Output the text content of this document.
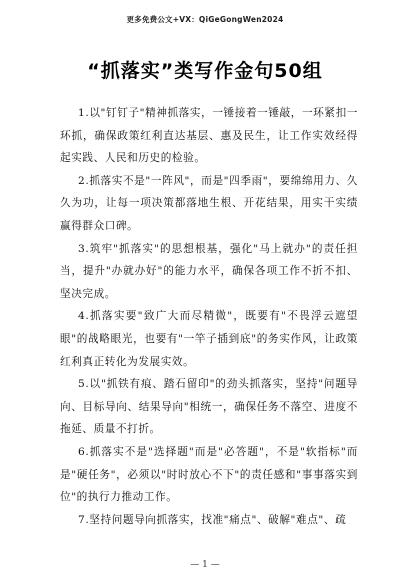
更多免费公文+VX：QiGeGongWen2024
“抓落实”类写作金句50组

1.以"钉钉子"精神抓落实，一锤接着一锤敲，一环紧扣一环抓，确保政策红利直达基层、惠及民生，让工作实效经得起实践、人民和历史的检验。

2.抓落实不是"一阵风"，而是"四季雨"，要绵绵用力、久久为功，让每一项决策都落地生根、开花结果，用实干实绩赢得群众口碑。

3.筑牢"抓落实"的思想根基，强化"马上就办"的责任担当，提升"办就办好"的能力水平，确保各项工作不折不扣、坚决完成。

4.抓落实要"致广大而尽精微"，既要有"不畏浮云遮望眼"的战略眼光，也要有"一竿子插到底"的务实作风，让政策红利真正转化为发展实效。

5.以"抓铁有痕、踏石留印"的劲头抓落实，坚持"问题导向、目标导向、结果导向"相统一，确保任务不落空、进度不拖延、质量不打折。

6.抓落实不是"选择题"而是"必答题"，不是"软指标"而是"硬任务"，必须以"时时放心不下"的责任感和"事事落实到位"的执行力推动工作。

7.坚持问题导向抓落实，找准"痛点"、破解"难点"、疏

— 1 —
